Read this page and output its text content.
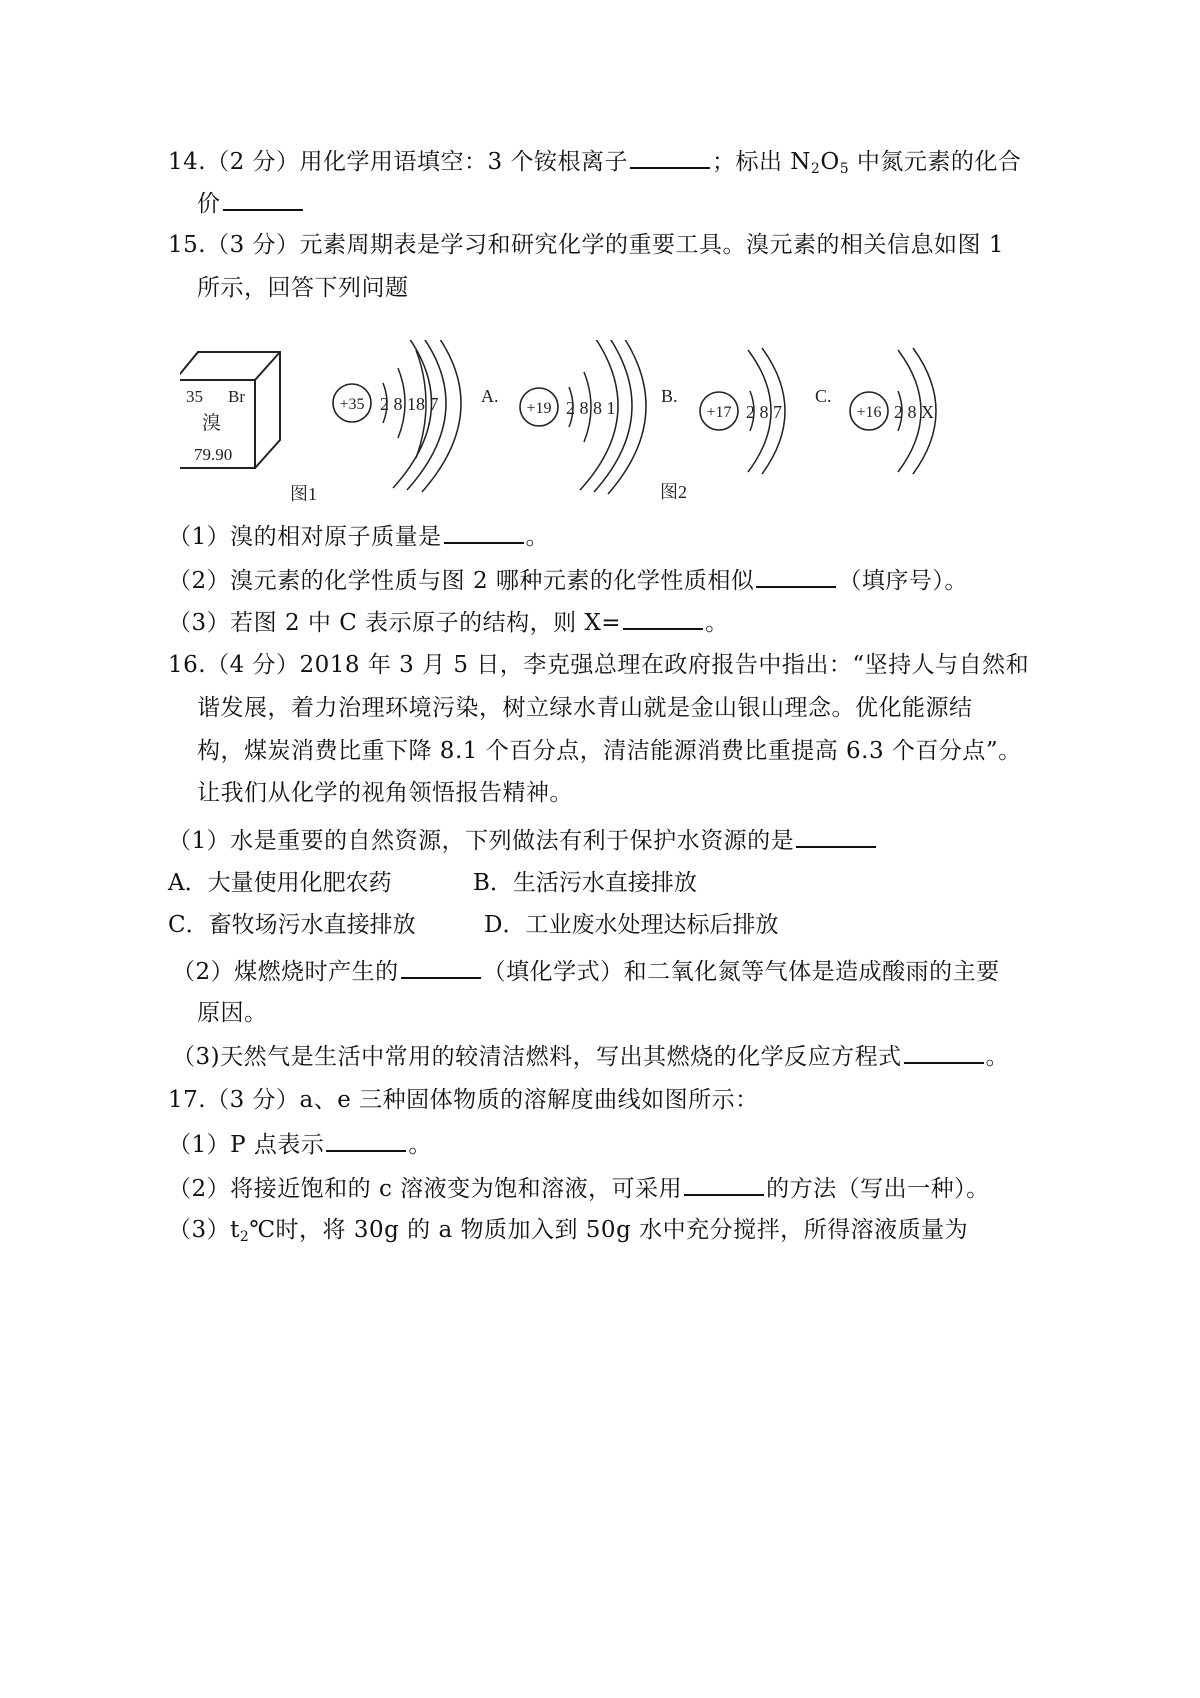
14.（2 分）用化学用语填空：3 个铵根离子	；标出 $N_2O_5$ 中氮元素的化合
价
15.（3 分）元素周期表是学习和研究化学的重要工具。溴元素的相关信息如图 1
所示，回答下列问题
35 Br
溴
79.90
图1
+35 2 8 18 7 A.
+19 2 8 8 1
图2
B.
+17 2 8 7
C.
+16 2 8 X
（1）溴的相对原子质量是	。
（2）溴元素的化学性质与图 2 哪种元素的化学性质相似	（填序号）。
（3）若图 2 中 C 表示原子的结构，则 X=	。
16.（4 分）2018 年 3 月 5 日，李克强总理在政府报告中指出：“坚持人与自然和
谐发展，着力治理环境污染，树立绿水青山就是金山银山理念。优化能源结
构，煤炭消费比重下降 8.1 个百分点，清洁能源消费比重提高 6.3 个百分点”。
让我们从化学的视角领悟报告精神。
（1）水是重要的自然资源，下列做法有利于保护水资源的是
A．大量使用化肥农药	B．生活污水直接排放
C．畜牧场污水直接排放	D．工业废水处理达标后排放
（2）煤燃烧时产生的	（填化学式）和二氧化氮等气体是造成酸雨的主要
原因。
（3)天然气是生活中常用的较清洁燃料，写出其燃烧的化学反应方程式	。
17.（3 分）a、e 三种固体物质的溶解度曲线如图所示：
（1）P 点表示	。
（2）将接近饱和的 c 溶液变为饱和溶液，可采用	的方法（写出一种）。
$(3)t_2℃$时，将 30g 的 a 物质加入到 50g 水中充分搅拌，所得溶液质量为
